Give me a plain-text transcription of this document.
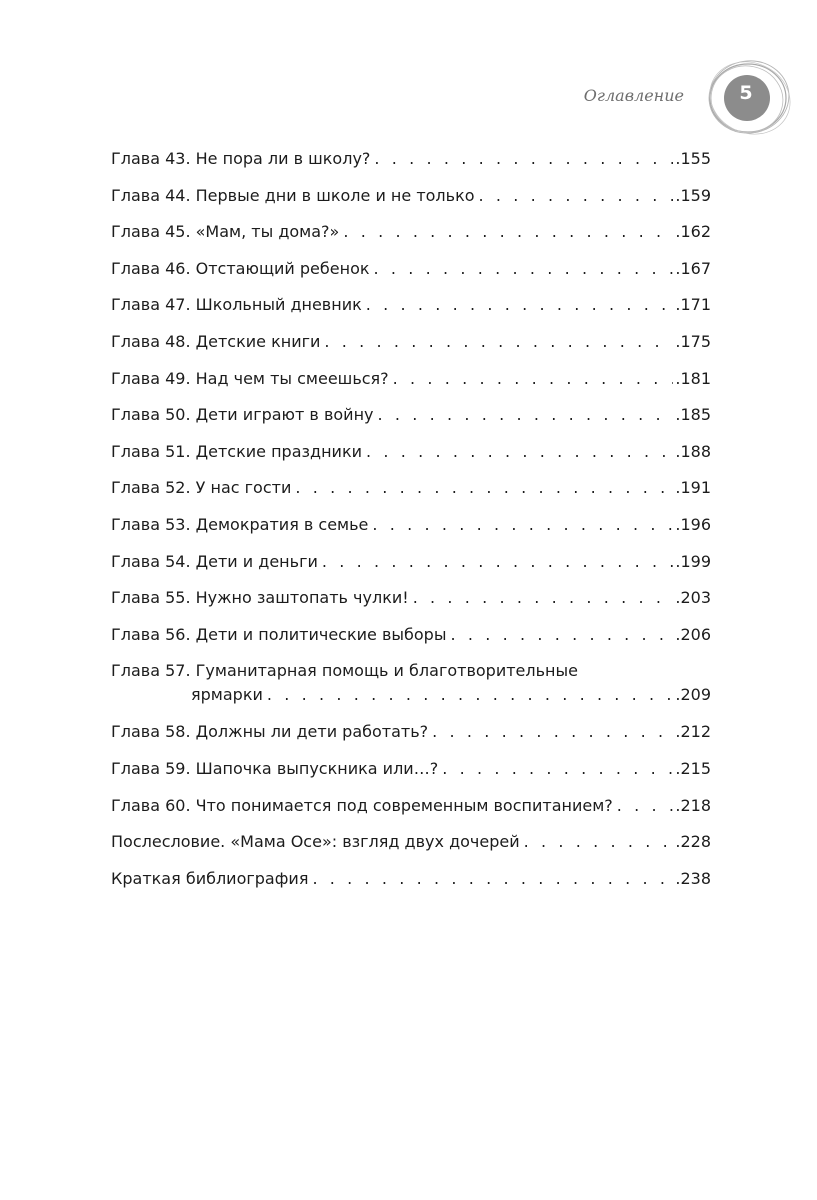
Оглавление	5
Глава 43. Не пора ли в школу? . . .	.155
Глава 44. Первые дни в школе и не только . . .	.159
Глава 45. «Мам, ты дома?» . . .	.162
Глава 46. Отстающий ребенок . . .	.167
Глава 47. Школьный дневник . . .	.171
Глава 48. Детские книги . . .	.175
Глава 49. Над чем ты смеешься? . . .	.181
Глава 50. Дети играют в войну . . .	.185
Глава 51. Детские праздники . . .	.188
Глава 52. У нас гости . . .	.191
Глава 53. Демократия в семье . . .	.196
Глава 54. Дети и деньги . . .	.199
Глава 55. Нужно заштопать чулки! . . .	.203
Глава 56. Дети и политические выборы . . .	.206
Глава 57. Гуманитарная помощь и благотворительные
ярмарки . . .	.209
Глава 58. Должны ли дети работать? . . .	.212
Глава 59. Шапочка выпускника или…? . . .	.215
Глава 60. Что понимается под современным воспитанием? . . .	.218
Послесловие. «Мама Осе»: взгляд двух дочерей . . .	.228
Краткая библиография . . .	.238
